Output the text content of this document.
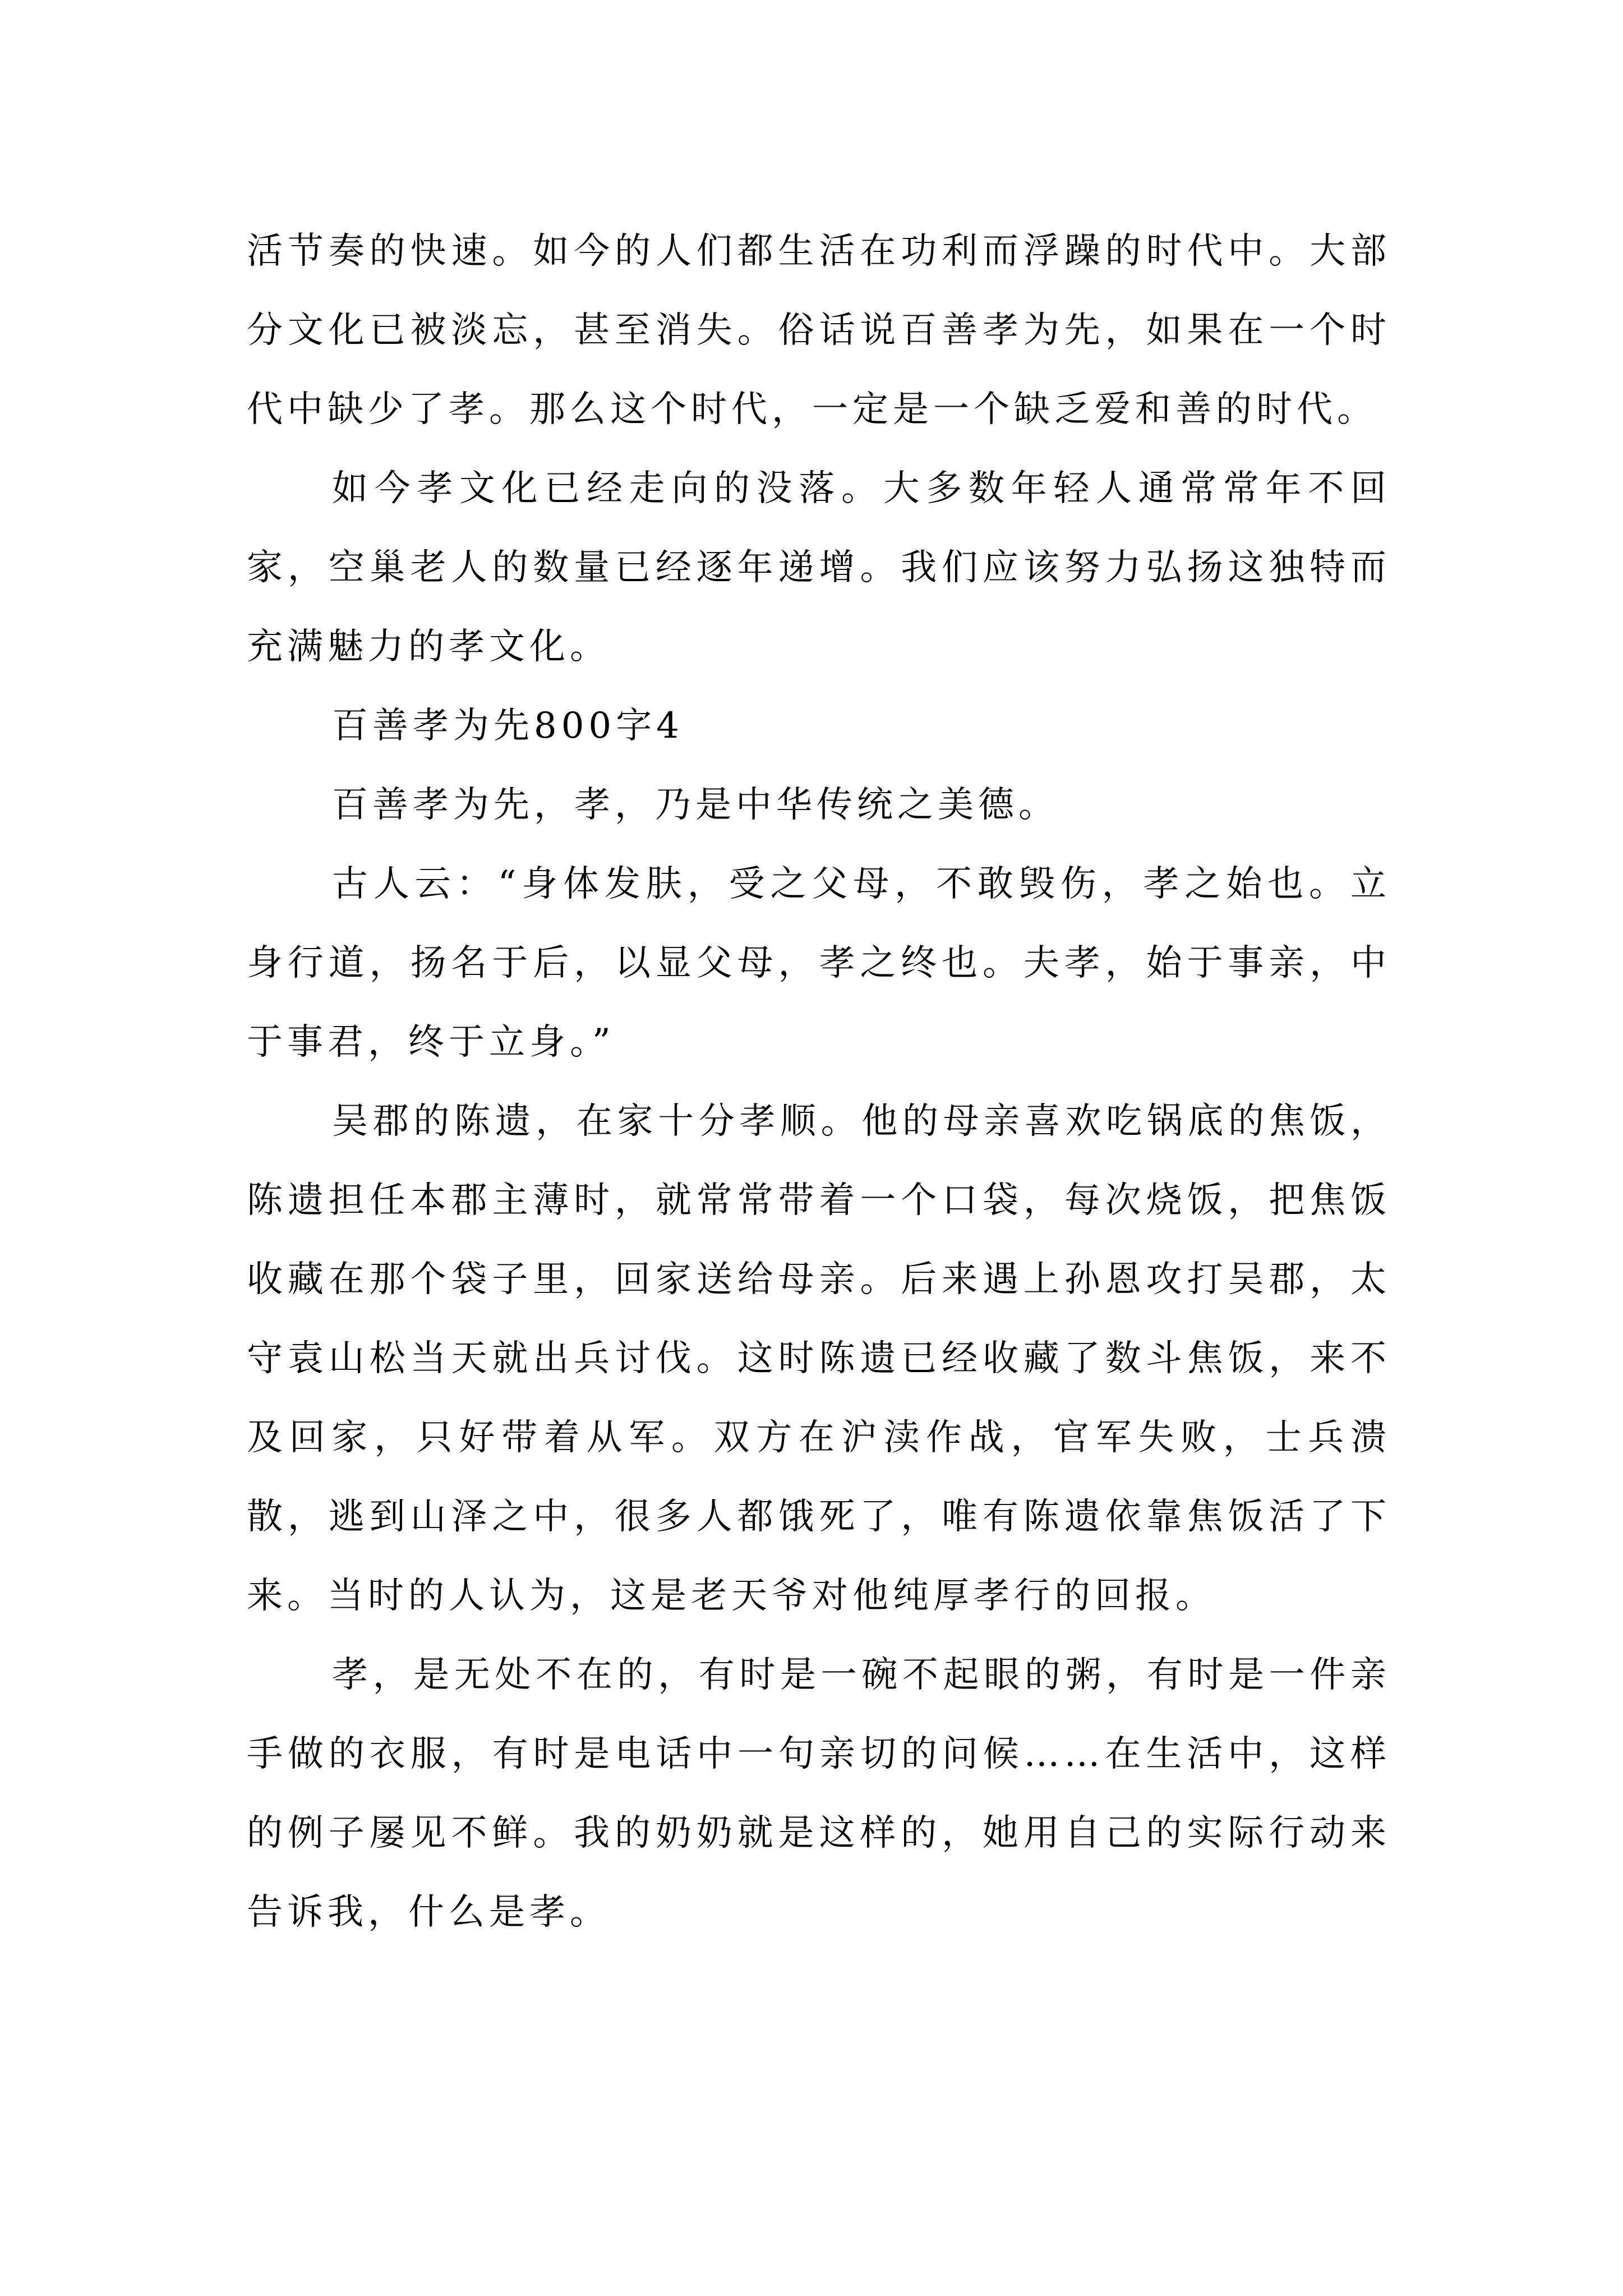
活节奏的快速。如今的人们都生活在功利而浮躁的时代中。大部分文化已被淡忘，甚至消失。俗话说百善孝为先，如果在一个时代中缺少了孝。那么这个时代，一定是一个缺乏爱和善的时代。

如今孝文化已经走向的没落。大多数年轻人通常常年不回家，空巢老人的数量已经逐年递增。我们应该努力弘扬这独特而充满魅力的孝文化。

百善孝为先800字4

百善孝为先，孝，乃是中华传统之美德。

古人云：“身体发肤，受之父母，不敢毁伤，孝之始也。立身行道，扬名于后，以显父母，孝之终也。夫孝，始于事亲，中于事君，终于立身。”

吴郡的陈遗，在家十分孝顺。他的母亲喜欢吃锅底的焦饭，陈遗担任本郡主薄时，就常常带着一个口袋，每次烧饭，把焦饭收藏在那个袋子里，回家送给母亲。后来遇上孙恩攻打吴郡，太守袁山松当天就出兵讨伐。这时陈遗已经收藏了数斗焦饭，来不及回家，只好带着从军。双方在沪渎作战，官军失败，士兵溃散，逃到山泽之中，很多人都饿死了，唯有陈遗依靠焦饭活了下来。当时的人认为，这是老天爷对他纯厚孝行的回报。

孝，是无处不在的，有时是一碗不起眼的粥，有时是一件亲手做的衣服，有时是电话中一句亲切的问候……在生活中，这样的例子屡见不鲜。我的奶奶就是这样的，她用自己的实际行动来告诉我，什么是孝。
